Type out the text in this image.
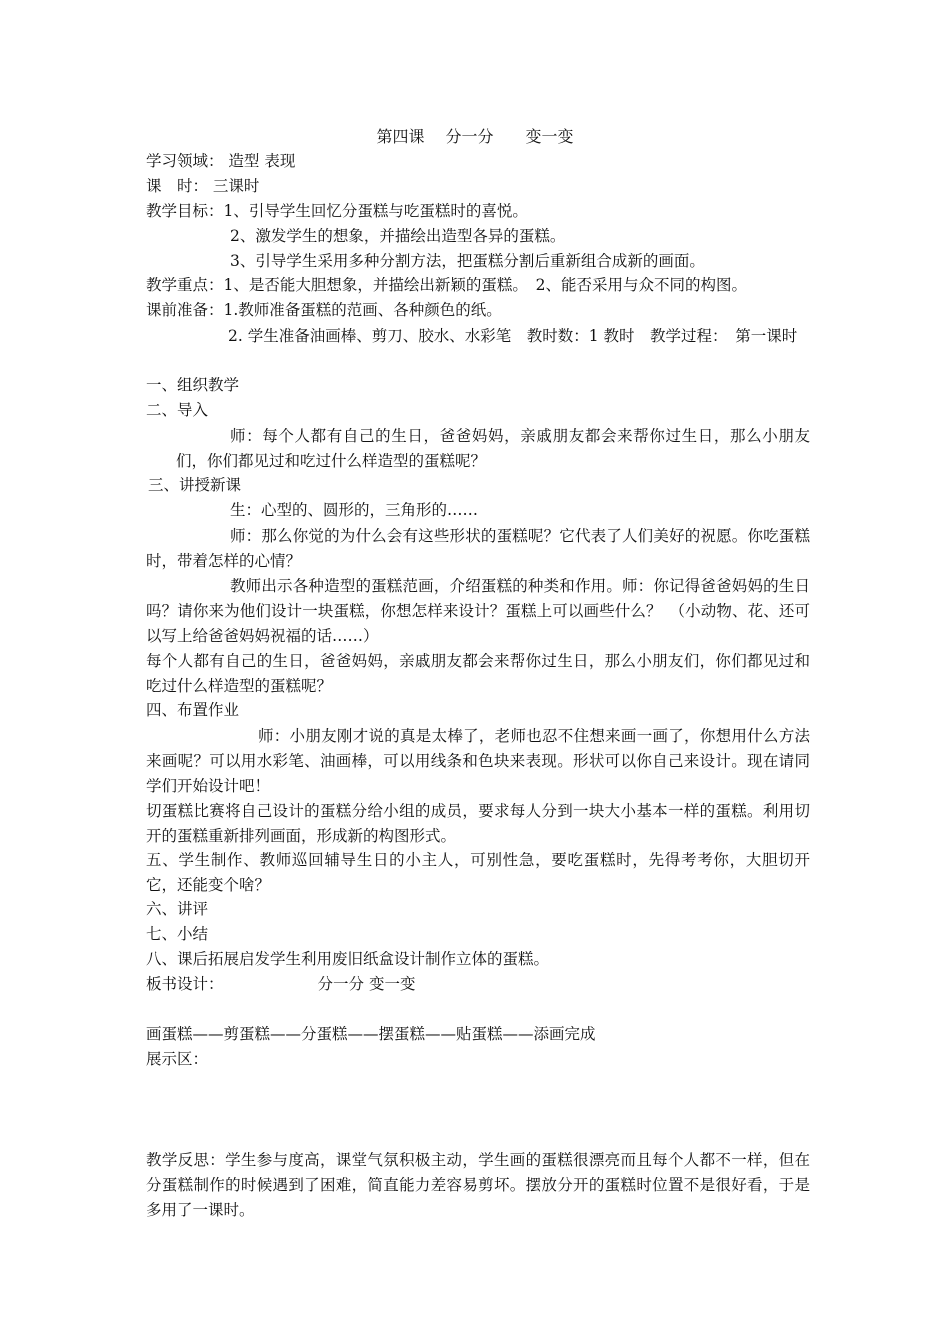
第四课　 分一分　　变一变

学习领域： 造型 表现

课　时： 三课时

教学目标：1、引导学生回忆分蛋糕与吃蛋糕时的喜悦。

2、激发学生的想象，并描绘出造型各异的蛋糕。

3、引导学生采用多种分割方法，把蛋糕分割后重新组合成新的画面。

教学重点：1、是否能大胆想象，并描绘出新颖的蛋糕。　2、能否采用与众不同的构图。

课前准备：1.教师准备蛋糕的范画、各种颜色的纸。

2. 学生准备油画棒、剪刀、胶水、水彩笔　教时数：1 教时　教学过程：　第一课时

一、组织教学

二、导入

师：每个人都有自己的生日，爸爸妈妈，亲戚朋友都会来帮你过生日，那么小朋友们，你们都见过和吃过什么样造型的蛋糕呢？

三、讲授新课

生：心型的、圆形的，三角形的……

师：那么你觉的为什么会有这些形状的蛋糕呢？它代表了人们美好的祝愿。你吃蛋糕时，带着怎样的心情？

教师出示各种造型的蛋糕范画，介绍蛋糕的种类和作用。师：你记得爸爸妈妈的生日吗？请你来为他们设计一块蛋糕，你想怎样来设计？蛋糕上可以画些什么？　（小动物、花、还可以写上给爸爸妈妈祝福的话……）

每个人都有自己的生日，爸爸妈妈，亲戚朋友都会来帮你过生日，那么小朋友们，你们都见过和吃过什么样造型的蛋糕呢？

四、布置作业

师：小朋友刚才说的真是太棒了，老师也忍不住想来画一画了，你想用什么方法来画呢？可以用水彩笔、油画棒，可以用线条和色块来表现。形状可以你自己来设计。现在请同学们开始设计吧！

切蛋糕比赛将自己设计的蛋糕分给小组的成员，要求每人分到一块大小基本一样的蛋糕。利用切开的蛋糕重新排列画面，形成新的构图形式。

五、学生制作、教师巡回辅导生日的小主人，可别性急，要吃蛋糕时，先得考考你，大胆切开它，还能变个啥？

六、讲评

七、小结

八、课后拓展启发学生利用废旧纸盒设计制作立体的蛋糕。

板书设计：	分一分 变一变

画蛋糕——剪蛋糕——分蛋糕——摆蛋糕——贴蛋糕——添画完成

展示区：

教学反思：学生参与度高，课堂气氛积极主动，学生画的蛋糕很漂亮而且每个人都不一样，但在分蛋糕制作的时候遇到了困难，简直能力差容易剪坏。摆放分开的蛋糕时位置不是很好看，于是多用了一课时。
